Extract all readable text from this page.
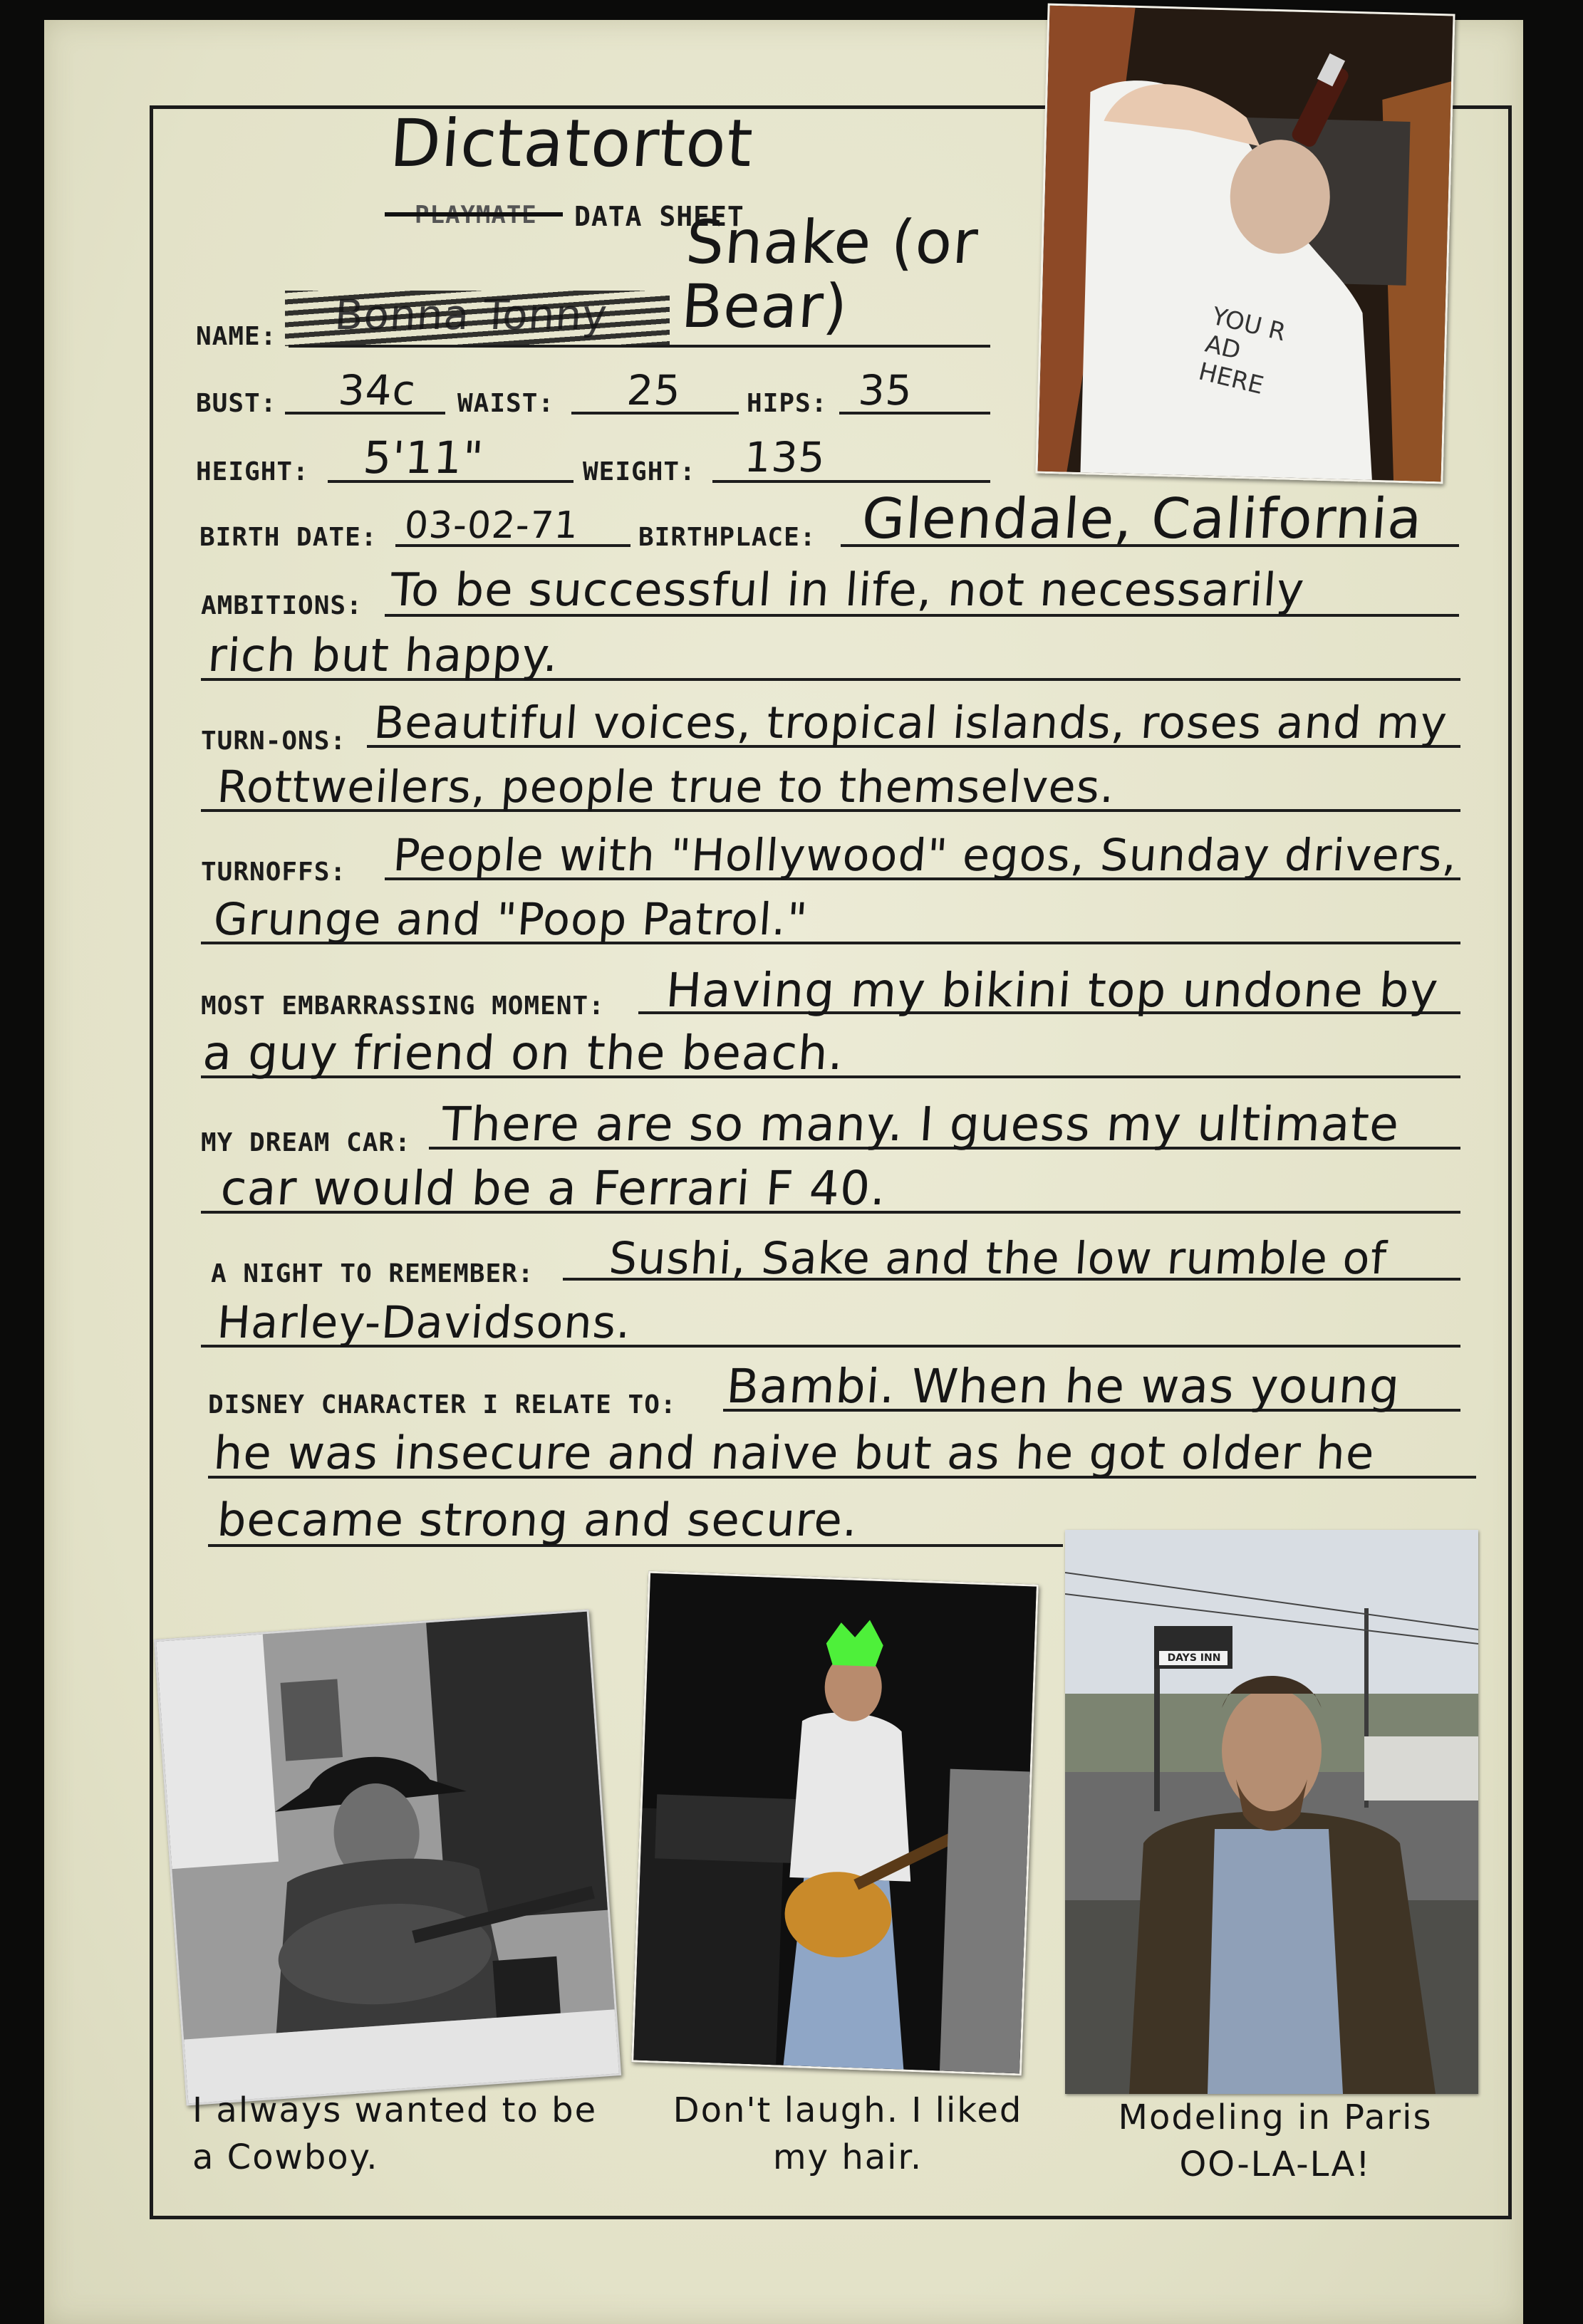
Dictatortot
PLAYMATE DATA SHEET
NAME:
Snake (or Bear)
BUST: 34c WAIST: 25 HIPS: 35
HEIGHT: 5'11"	WEIGHT: 135
BIRTH DATE: 03-02-71 BIRTHPLACE: Glendale, California
AMBITIONS: To be successful in life, not necessarily
rich but happy.
TURN-ONS: Beautiful voices, tropical islands, roses and my
Rottweilers, people true to themselves.
TURNOFFS: People with "Hollywood" egos, Sunday drivers,
Grunge and "Poop Patrol."
MOST EMBARRASSING MOMENT: Having my bikini top undone by
a guy friend on the beach.
MY DREAM CAR: There are so many. I guess my ultimate
car would be a Ferrari F 40.
A NIGHT TO REMEMBER: Sushi, Sake and the low rumble of
Harley-Davidsons.
DISNEY CHARACTER I RELATE TO: Bambi. When he was young
he was insecure and naive but as he got older he
became strong and secure.
YOU R AD HERE
DAYS INN
I always wanted to be
a Cowboy.
Don't laugh. I liked
my hair.
Modeling in Paris
OO-LA-LA!
